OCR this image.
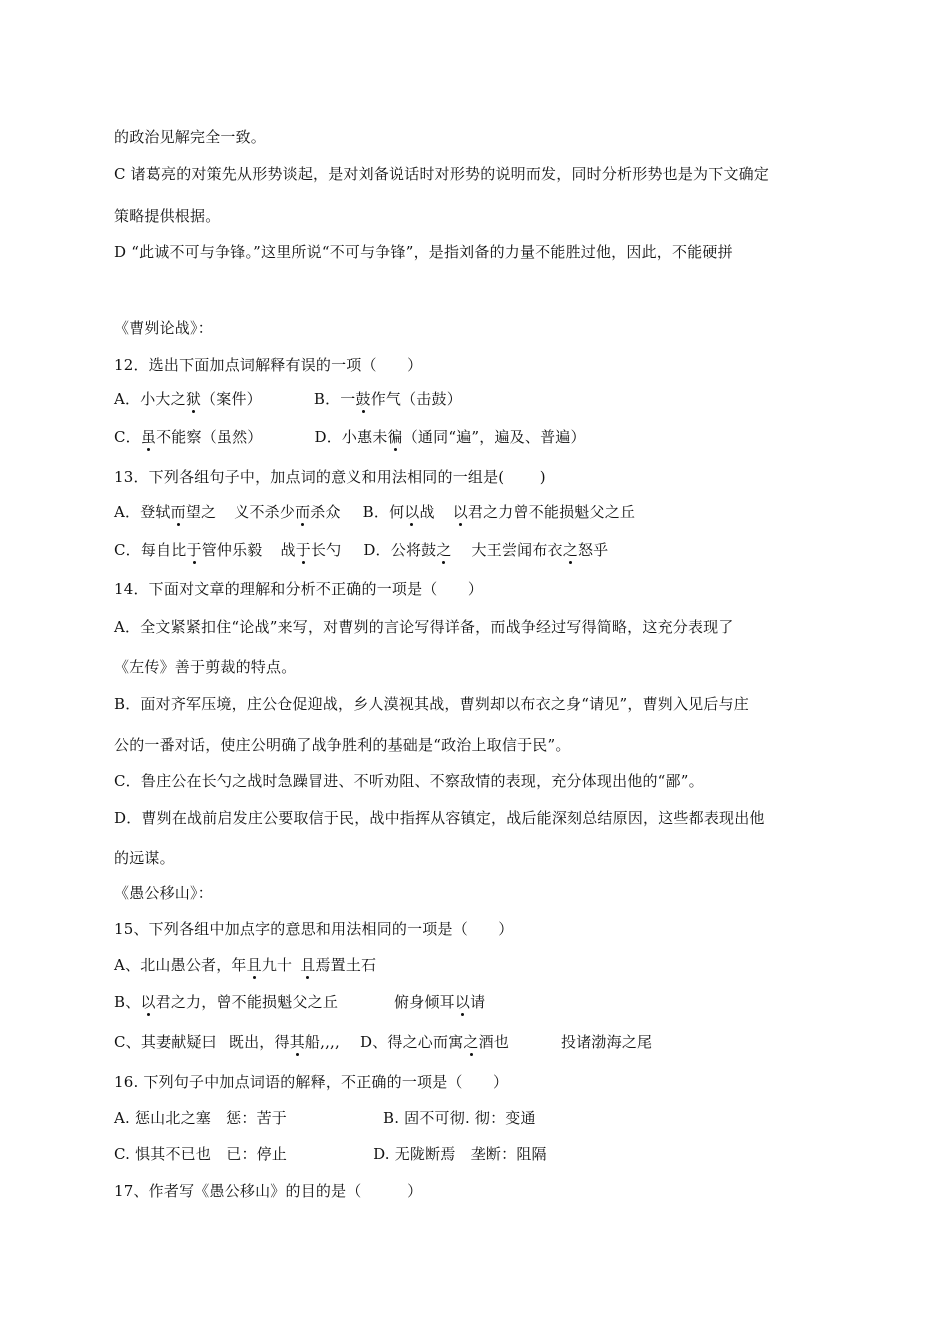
的政治见解完全一致。
C 诸葛亮的对策先从形势谈起，是对刘备说话时对形势的说明而发，同时分析形势也是为下文确定
策略提供根据。
D “此诚不可与争锋。”这里所说“不可与争锋”，是指刘备的力量不能胜过他，因此，不能硬拼
《曹刿论战》：
12．选出下面加点词解释有误的一项（　　）
A．小大之狱（案件）	B．一鼓作气（击鼓）
C．虽不能察（虽然）	D．小惠未徧（通同“遍”，遍及、普遍）
13．下列各组句子中，加点词的意义和用法相同的一组是(　　 )
A．登轼而望之 义不杀少而杀众 B．何以战 以君之力曾不能损魁父之丘
C．每自比于管仲乐毅 战于长勺 D．公将鼓之 大王尝闻布衣之怒乎
14．下面对文章的理解和分析不正确的一项是（　　）
A．全文紧紧扣住“论战”来写，对曹刿的言论写得详备，而战争经过写得简略，这充分表现了
《左传》善于剪裁的特点。
B．面对齐军压境，庄公仓促迎战，乡人漠视其战，曹刿却以布衣之身“请见”，曹刿入见后与庄
公的一番对话，使庄公明确了战争胜利的基础是“政治上取信于民”。
C．鲁庄公在长勺之战时急躁冒进、不听劝阻、不察敌情的表现，充分体现出他的“鄙”。
D．曹刿在战前启发庄公要取信于民，战中指挥从容镇定，战后能深刻总结原因，这些都表现出他
的远谋。
《愚公移山》：
15、下列各组中加点字的意思和用法相同的一项是（　　）
A、北山愚公者，年且九十 且焉置土石
B、以君之力，曾不能损魁父之丘	俯身倾耳以请
C、其妻献疑曰 既出，得其船,,,, D、得之心而寓之酒也	投诸渤海之尾
16. 下列句子中加点词语的解释，不正确的一项是（　　）
A. 惩山北之塞　惩：苦于	B. 固不可彻. 彻：变通
C. 惧其不已也　已：停止	D. 无陇断焉　垄断：阻隔
17、作者写《愚公移山》的目的是（　　　）
